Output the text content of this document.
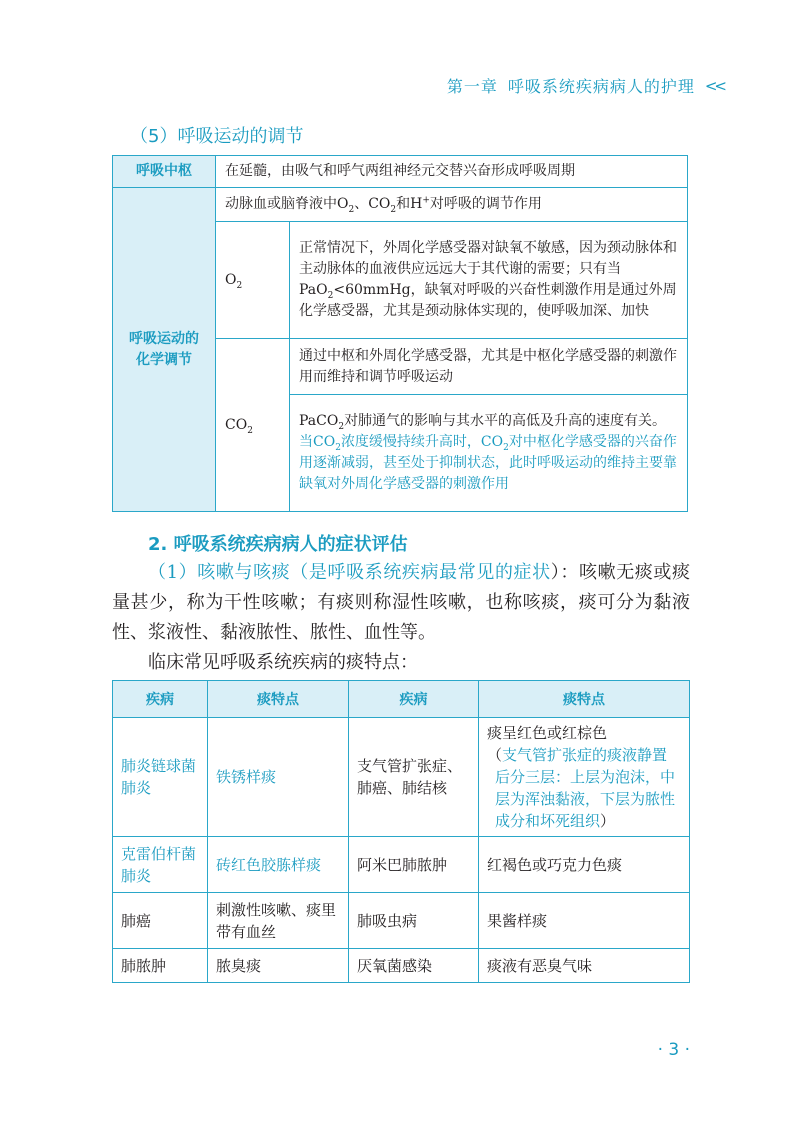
第一章 呼吸系统疾病病人的护理 <<
（5）呼吸运动的调节
呼吸中枢	在延髓，由吸气和呼气两组神经元交替兴奋形成呼吸周期	
呼吸运动的化学调节	动脉血或脑脊液中$O_2$、$CO_2$和H+对呼吸的调节作用	
	$O_2$	正常情况下，外周化学感受器对缺氧不敏感，因为颈动脉体和主动脉体的血液供应远远大于其代谢的需要；只有当PaO$_2$<60mmHg，缺氧对呼吸的兴奋性刺激作用是通过外周化学感受器，尤其是颈动脉体实现的，使呼吸加深、加快
	$CO_2$	通过中枢和外周化学感受器，尤其是中枢化学感受器的刺激作用而维持和调节呼吸运动
		PaCO$_2$对肺通气的影响与其水平的高低及升高的速度有关。当$CO_2$浓度缓慢持续升高时，$CO_2$对中枢化学感受器的兴奋作用逐渐减弱，甚至处于抑制状态，此时呼吸运动的维持主要靠缺氧对外周化学感受器的刺激作用
2. 呼吸系统疾病病人的症状评估

（1）咳嗽与咳痰（是呼吸系统疾病最常见的症状）：咳嗽无痰或痰量甚少，称为干性咳嗽；有痰则称湿性咳嗽，也称咳痰，痰可分为黏液性、浆液性、黏液脓性、脓性、血性等。

临床常见呼吸系统疾病的痰特点：

疾病	痰特点	疾病	痰特点
肺炎链球菌肺炎	铁锈样痰	支气管扩张症、肺癌、肺结核	痰呈红色或红棕色
（支气管扩张症的痰液静置后分三层：上层为泡沫，中层为浑浊黏液，下层为脓性成分和坏死组织）

克雷伯杆菌肺炎	砖红色胶胨样痰	阿米巴肺脓肿	红褐色或巧克力色痰
肺癌	刺激性咳嗽、痰里带有血丝	肺吸虫病	果酱样痰
肺脓肿	脓臭痰	厌氧菌感染	痰液有恶臭气味
· 3 ·
